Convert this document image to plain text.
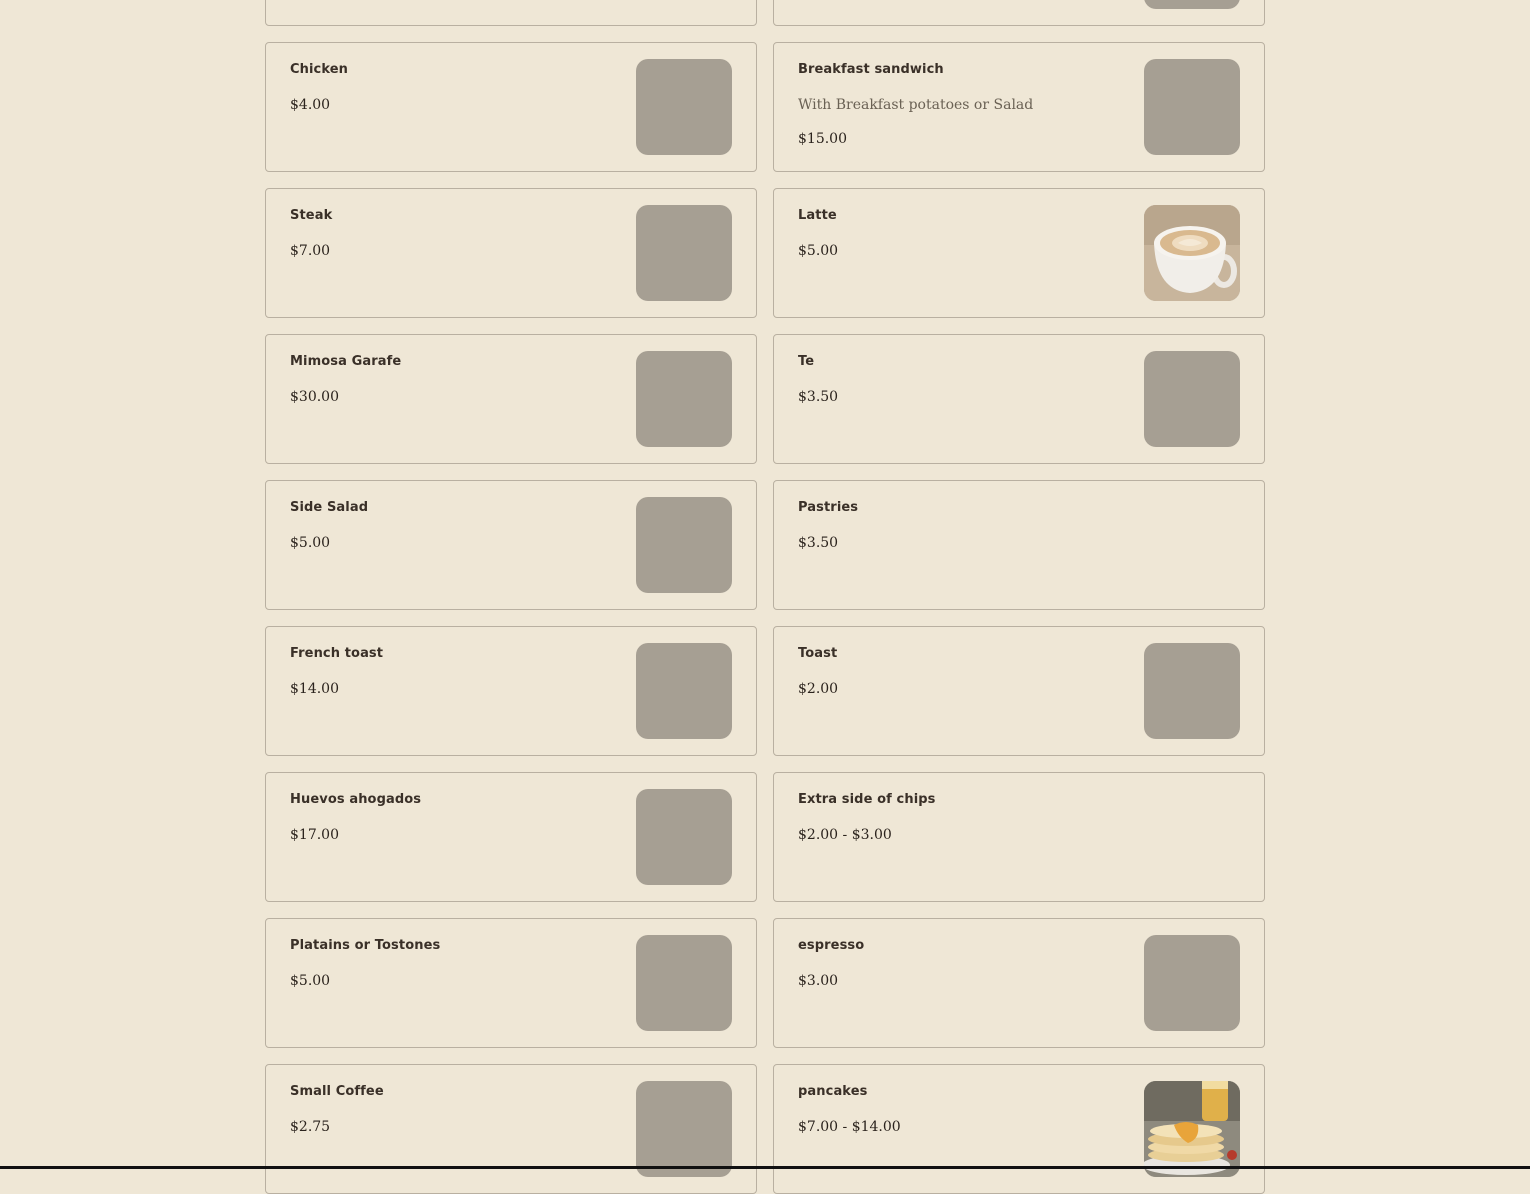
Chicken
$4.00
Breakfast sandwich
With Breakfast potatoes or Salad
$15.00
Steak
$7.00
Latte
$5.00
Mimosa Garafe
$30.00
Te
$3.50
Side Salad
$5.00
Pastries
$3.50
French toast
$14.00
Toast
$2.00
Huevos ahogados
$17.00
Extra side of chips
$2.00 - $3.00
Platains or Tostones
$5.00
espresso
$3.00
Small Coffee
$2.75
pancakes
$7.00 - $14.00
